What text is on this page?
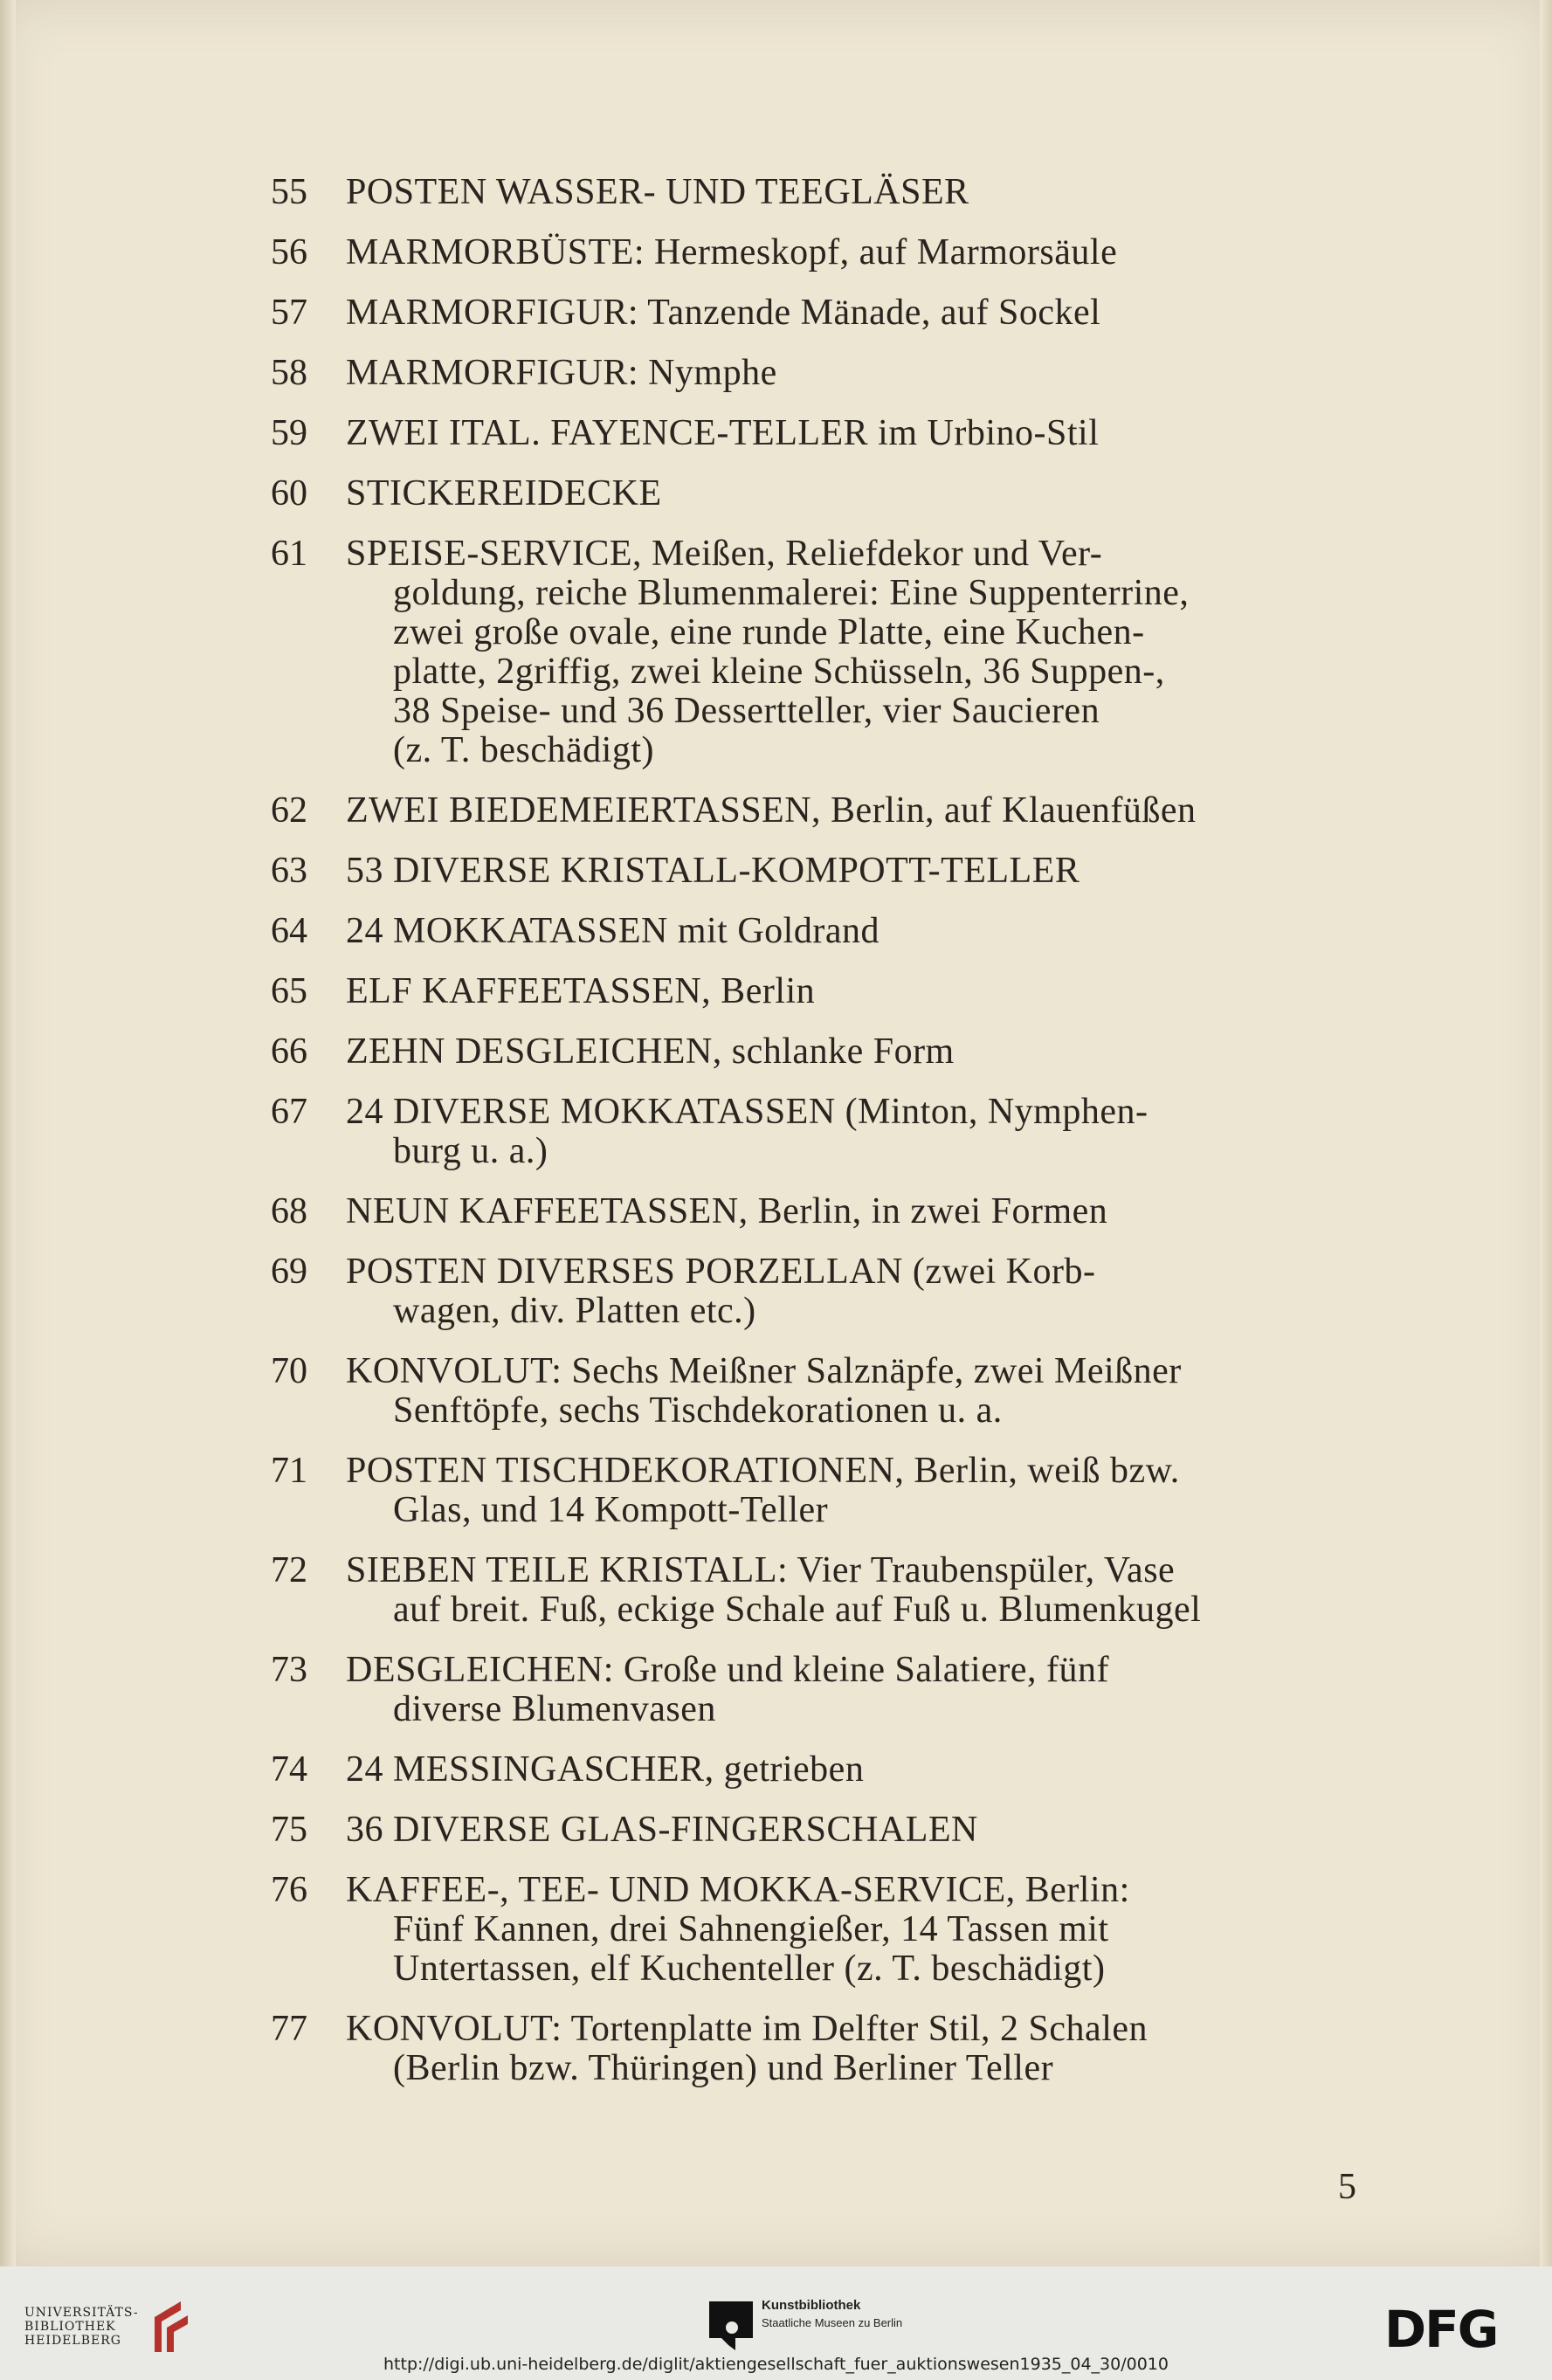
55	POSTEN WASSER- UND TEEGLÄSER
56	MARMORBÜSTE: Hermeskopf, auf Marmorsäule
57	MARMORFIGUR: Tanzende Mänade, auf Sockel
58	MARMORFIGUR: Nymphe
59	ZWEI ITAL. FAYENCE-TELLER im Urbino-Stil
60	STICKEREIDECKE
61	SPEISE-SERVICE, Meißen, Reliefdekor und Ver-
goldung, reiche Blumenmalerei: Eine Suppenterrine,
zwei große ovale, eine runde Platte, eine Kuchen-
platte, 2griffig, zwei kleine Schüsseln, 36 Suppen-,
38 Speise- und 36 Dessertteller, vier Saucieren
(z. T. beschädigt)
62	ZWEI BIEDEMEIERTASSEN, Berlin, auf Klauenfüßen
63	53 DIVERSE KRISTALL-KOMPOTT-TELLER
64	24 MOKKATASSEN mit Goldrand
65	ELF KAFFEETASSEN, Berlin
66	ZEHN DESGLEICHEN, schlanke Form
67	24 DIVERSE MOKKATASSEN (Minton, Nymphen-
burg u. a.)
68	NEUN KAFFEETASSEN, Berlin, in zwei Formen
69	POSTEN DIVERSES PORZELLAN (zwei Korb-
wagen, div. Platten etc.)
70	KONVOLUT: Sechs Meißner Salznäpfe, zwei Meißner
Senftöpfe, sechs Tischdekorationen u. a.
71	POSTEN TISCHDEKORATIONEN, Berlin, weiß bzw.
Glas, und 14 Kompott-Teller
72	SIEBEN TEILE KRISTALL: Vier Traubenspüler, Vase
auf breit. Fuß, eckige Schale auf Fuß u. Blumenkugel
73	DESGLEICHEN: Große und kleine Salatiere, fünf
diverse Blumenvasen
74	24 MESSINGASCHER, getrieben
75	36 DIVERSE GLAS-FINGERSCHALEN
76	KAFFEE-, TEE- UND MOKKA-SERVICE, Berlin:
Fünf Kannen, drei Sahnengießer, 14 Tassen mit
Untertassen, elf Kuchenteller (z. T. beschädigt)
77	KONVOLUT: Tortenplatte im Delfter Stil, 2 Schalen
(Berlin bzw. Thüringen) und Berliner Teller
5
UNIVERSITÄTS-
BIBLIOTHEK
HEIDELBERG
Kunstbibliothek
Staatliche Museen zu Berlin	DFG
http://digi.ub.uni-heidelberg.de/diglit/aktiengesellschaft_fuer_auktionswesen1935_04_30/0010
